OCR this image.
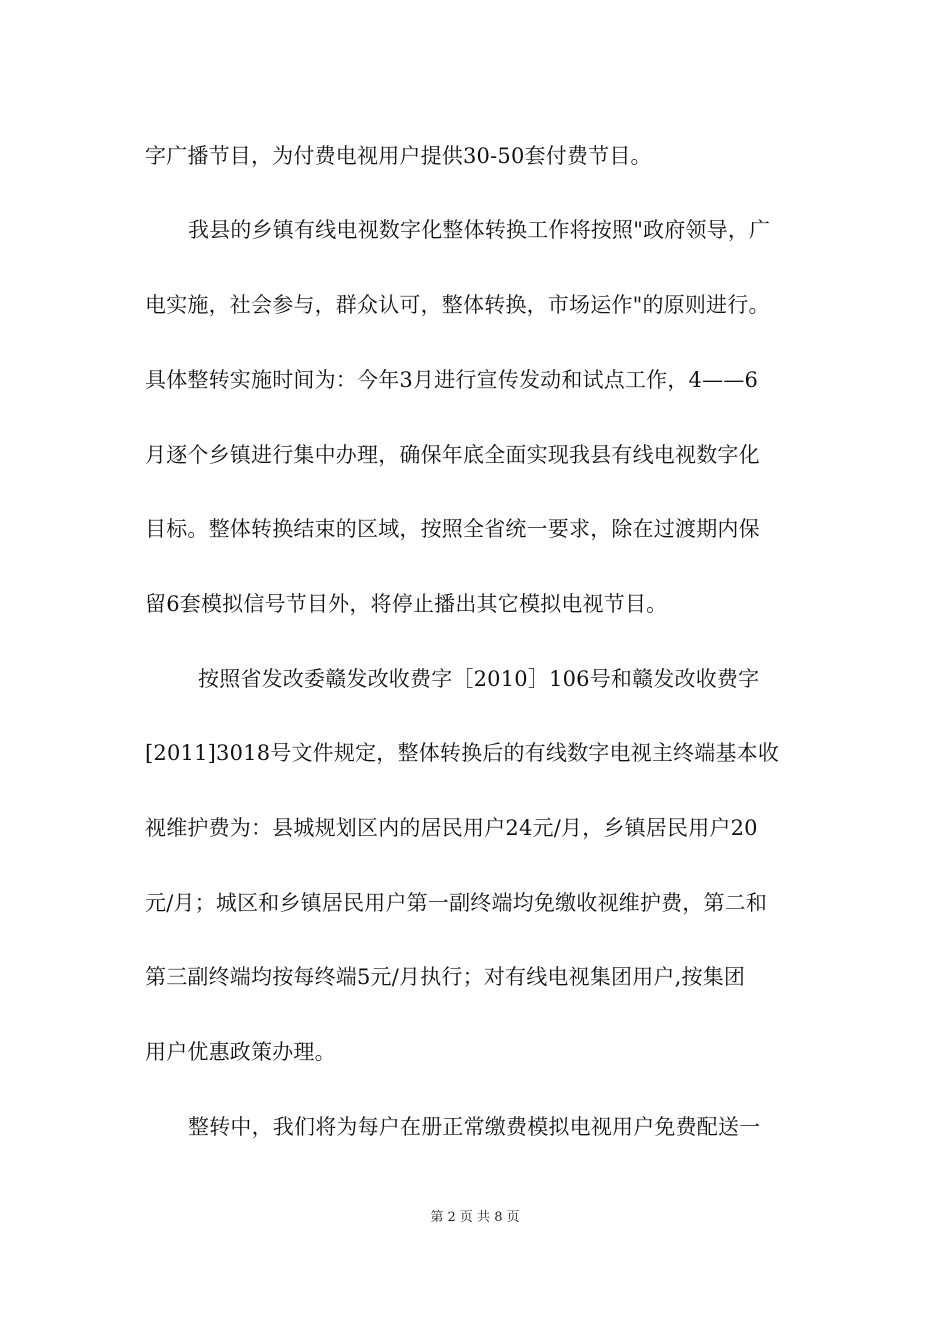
字广播节目，为付费电视用户提供30-50套付费节目。
我县的乡镇有线电视数字化整体转换工作将按照"政府领导，广
电实施，社会参与，群众认可，整体转换，市场运作"的原则进行。
具体整转实施时间为：今年3月进行宣传发动和试点工作，4——6
月逐个乡镇进行集中办理，确保年底全面实现我县有线电视数字化
目标。整体转换结束的区域，按照全省统一要求，除在过渡期内保
留6套模拟信号节目外，将停止播出其它模拟电视节目。
按照省发改委赣发改收费字［2010］106号和赣发改收费字
[2011]3018号文件规定，整体转换后的有线数字电视主终端基本收
视维护费为：县城规划区内的居民用户24元/月，乡镇居民用户20
元/月；城区和乡镇居民用户第一副终端均免缴收视维护费，第二和
第三副终端均按每终端5元/月执行；对有线电视集团用户,按集团
用户优惠政策办理。
整转中，我们将为每户在册正常缴费模拟电视用户免费配送一
第 2 页 共 8 页
